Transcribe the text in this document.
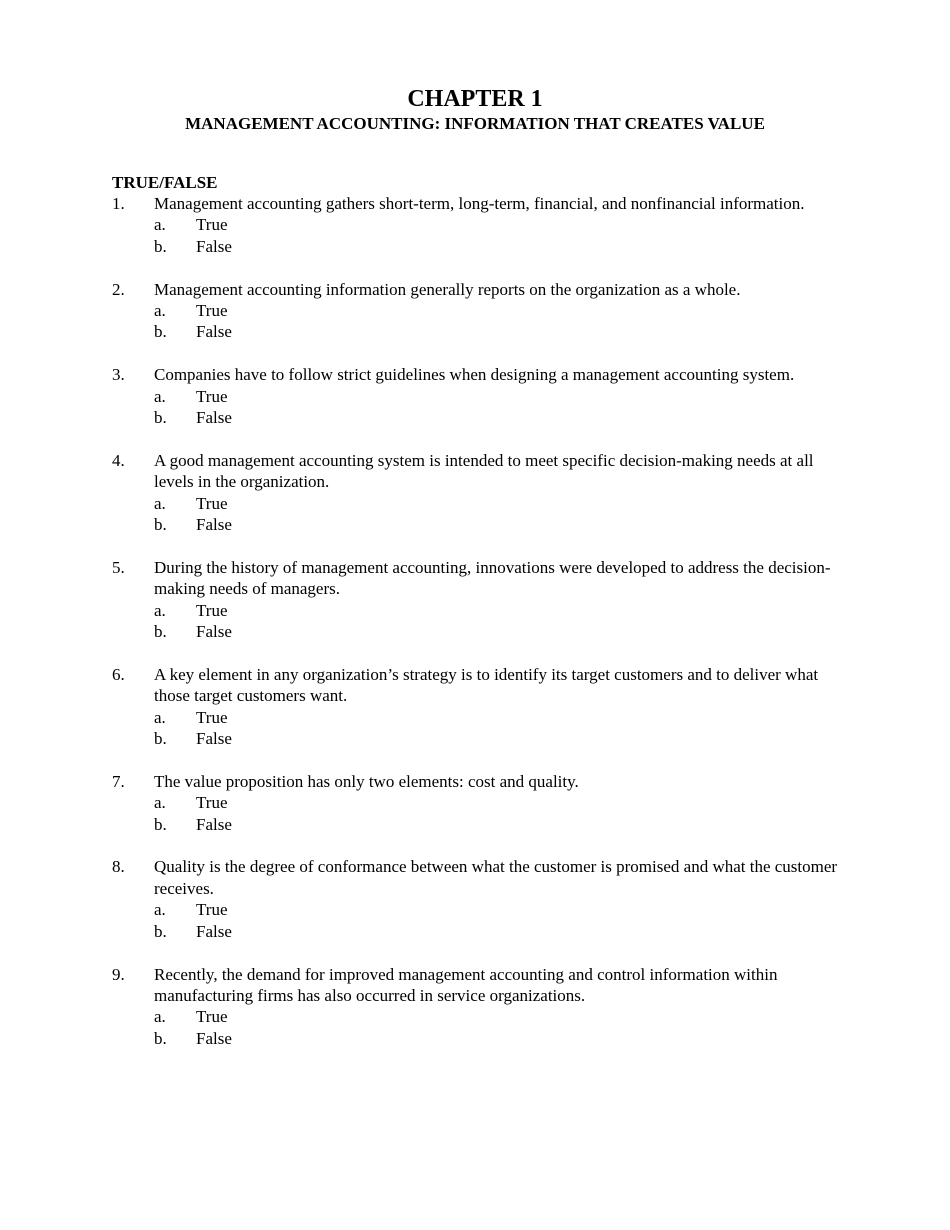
CHAPTER 1
MANAGEMENT ACCOUNTING: INFORMATION THAT CREATES VALUE
TRUE/FALSE
1. Management accounting gathers short-term, long-term, financial, and nonfinancial information.
a. True
b. False
2. Management accounting information generally reports on the organization as a whole.
a. True
b. False
3. Companies have to follow strict guidelines when designing a management accounting system.
a. True
b. False
4. A good management accounting system is intended to meet specific decision-making needs at all levels in the organization.
a. True
b. False
5. During the history of management accounting, innovations were developed to address the decision-making needs of managers.
a. True
b. False
6. A key element in any organization’s strategy is to identify its target customers and to deliver what those target customers want.
a. True
b. False
7. The value proposition has only two elements: cost and quality.
a. True
b. False
8. Quality is the degree of conformance between what the customer is promised and what the customer receives.
a. True
b. False
9. Recently, the demand for improved management accounting and control information within manufacturing firms has also occurred in service organizations.
a. True
b. False
